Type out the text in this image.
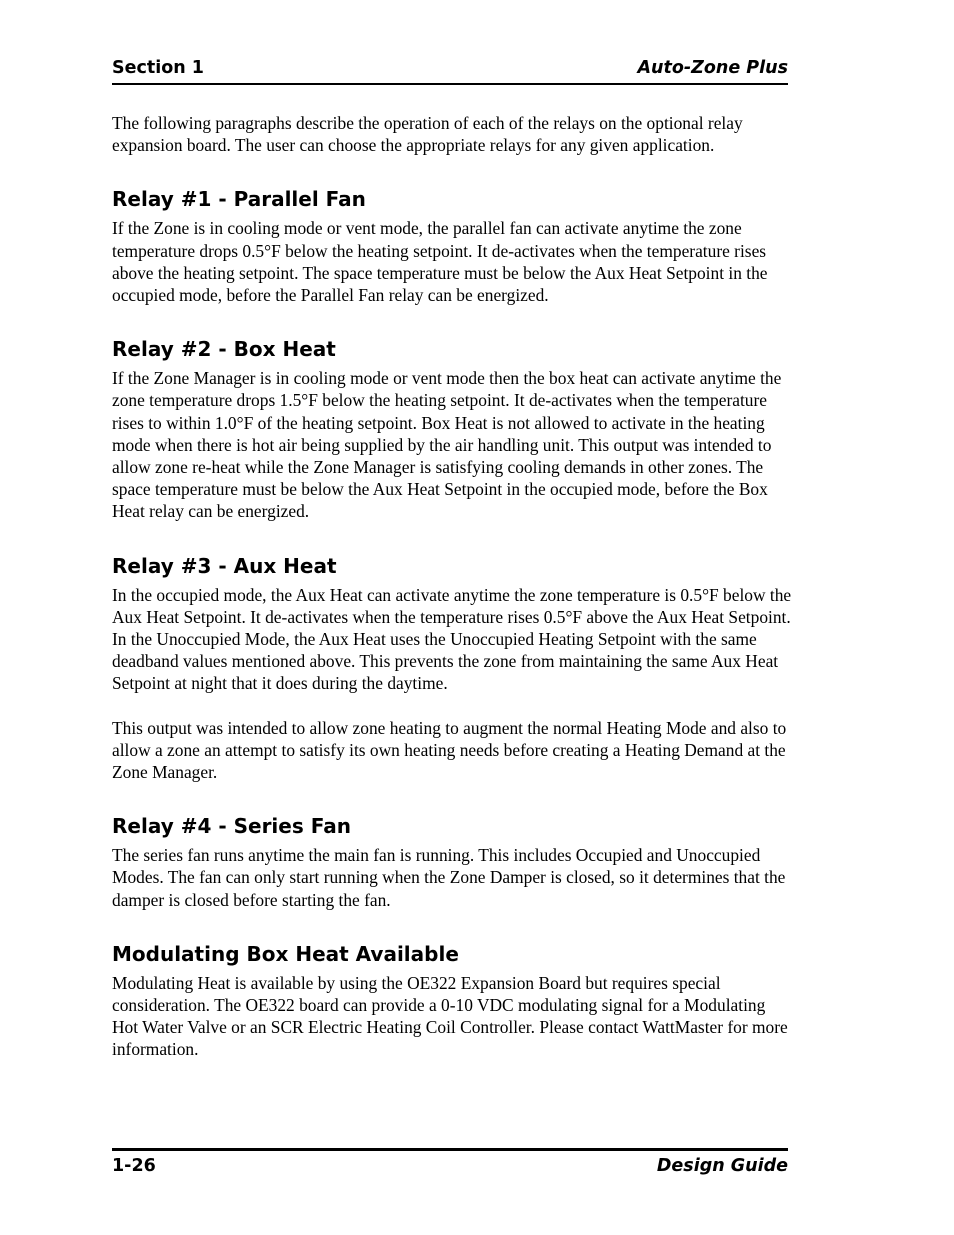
Section 1	Auto-Zone Plus

The following paragraphs describe the operation of each of the relays on the optional relay expansion board. The user can choose the appropriate relays for any given application.

Relay #1 - Parallel Fan

If the Zone is in cooling mode or vent mode, the parallel fan can activate anytime the zone temperature drops 0.5°F below the heating setpoint. It de-activates when the temperature rises above the heating setpoint. The space temperature must be below the Aux Heat Setpoint in the occupied mode, before the Parallel Fan relay can be energized.

Relay #2 - Box Heat

If the Zone Manager is in cooling mode or vent mode then the box heat can activate anytime the zone temperature drops 1.5°F below the heating setpoint. It de-activates when the temperature rises to within 1.0°F of the heating setpoint. Box Heat is not allowed to activate in the heating mode when there is hot air being supplied by the air handling unit. This output was intended to allow zone re-heat while the Zone Manager is satisfying cooling demands in other zones. The space temperature must be below the Aux Heat Setpoint in the occupied mode, before the Box Heat relay can be energized.

Relay #3 - Aux Heat

In the occupied mode, the Aux Heat can activate anytime the zone temperature is 0.5°F below the Aux Heat Setpoint. It de-activates when the temperature rises 0.5°F above the Aux Heat Setpoint. In the Unoccupied Mode, the Aux Heat uses the Unoccupied Heating Setpoint with the same deadband values mentioned above. This prevents the zone from maintaining the same Aux Heat Setpoint at night that it does during the daytime.

This output was intended to allow zone heating to augment the normal Heating Mode and also to allow a zone an attempt to satisfy its own heating needs before creating a Heating Demand at the Zone Manager.

Relay #4 - Series Fan

The series fan runs anytime the main fan is running. This includes Occupied and Unoccupied Modes. The fan can only start running when the Zone Damper is closed, so it determines that the damper is closed before starting the fan.

Modulating Box Heat Available

Modulating Heat is available by using the OE322 Expansion Board but requires special consideration. The OE322 board can provide a 0-10 VDC modulating signal for a Modulating Hot Water Valve or an SCR Electric Heating Coil Controller. Please contact WattMaster for more information.

1-26	Design Guide
